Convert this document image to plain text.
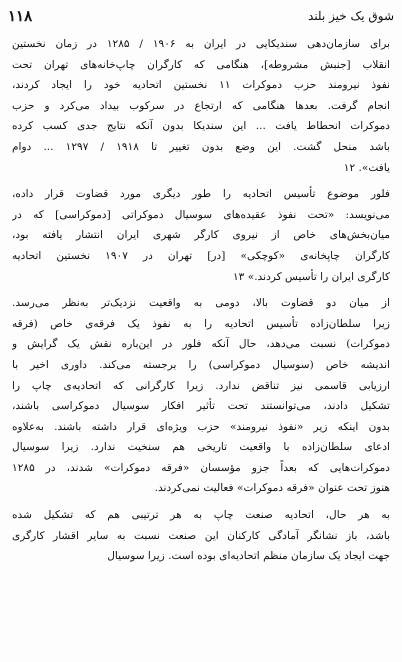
۱۱۸	شوق یک خیز بلند
برای سازمان‌دهی سندیکایی در ایران به ۱۹۰۶ / ۱۲۸۵ در زمان نخستین
انقلاب [جنبش مشروطه]، هنگامی که کارگران چاپ‌خانه‌های تهران تحت
نفوذ نیرومند حزب دموکرات ۱۱ نخستین اتحادیه خود را ایجاد کردند،
انجام گرفت. بعدها هنگامی که ارتجاع در سرکوب بیداد می‌کرد و حزب
دموکرات انحطاط یافت ... این سندیکا بدون آنکه نتایج جدی کسب کرده
باشد منحل گشت. این وضع بدون تغییر تا ۱۹۱۸ / ۱۲۹۷ ... دوام
یافت». ۱۲
فلور موضوع تأسیس اتحادیه را طور دیگری مورد قضاوت قرار داده،
می‌نویسد: «تحت نفوذ عقیده‌های سوسیال دموکراتی [دموکراسی] که در
میان‌بخش‌های خاص از نیروی کارگر شهری ایران انتشار یافته بود،
کارگران چاپخانه‌ی «کوچکی» [در] تهران در ۱۹۰۷ نخستین اتحادیه
کارگری ایران را تأسیس کردند.» ۱۳
از میان دو قضاوت بالا، دومی به واقعیت نزدیک‌تر به‌نظر می‌رسد.
زیرا سلطان‌زاده تأسیس اتحادیه را به نفوذ یک فرقه‌ی خاص (فرقه
دموکرات) نسبت می‌دهد، حال آنکه فلور در این‌باره نقش یک گرایش و
اندیشه خاص (سوسیال دموکراسی) را برجسته می‌کند. داوری اخیر با
ارزیابی قاسمی نیز تناقض ندارد. زیرا کارگرانی که اتحادیه‌ی چاپ را
تشکیل دادند، می‌توانستند تحت تأثیر افکار سوسیال دموکراسی باشند،
بدون اینکه زیر «نفوذ نیرومند» حزب ویژه‌ای قرار داشته باشند. به‌علاوه
ادعای سلطان‌زاده با واقعیت تاریخی هم سنخیت ندارد. زیرا سوسیال
دموکرات‌هایی که بعداً جزو مؤسسان «فرقه دموکرات» شدند، در ۱۲۸۵
هنوز تحت عنوان «فرقه دموکرات» فعالیت نمی‌کردند.
به هر حال، اتحادیه صنعت چاپ به هر ترتیبی هم که تشکیل شده
باشد، باز نشانگر آمادگی کارکنان این صنعت نسبت به سایر اقشار کارگری
جهت ایجاد یک سازمان منظم اتحادیه‌ای بوده است. زیرا سوسیال
